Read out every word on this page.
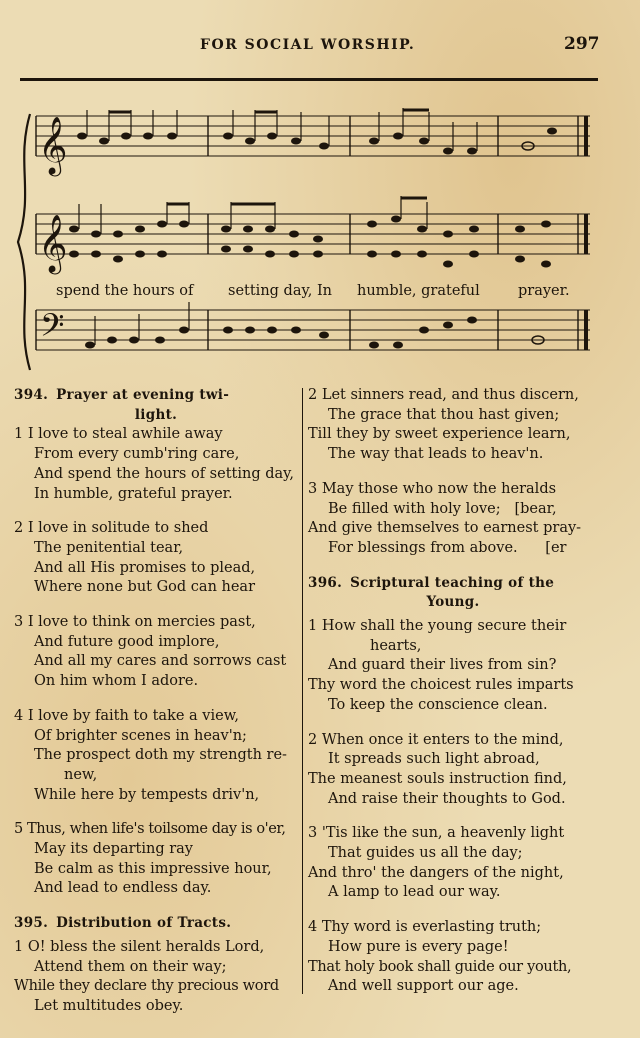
FOR SOCIAL WORSHIP.	297
𝄞
𝄞
𝄢
spend the hours of setting day, In humble, grateful	prayer.

394. Prayer at evening twi-
light.

1 I love to steal awhile away
From every cumb'ring care,
And spend the hours of setting day,
In humble, grateful prayer.
2 I love in solitude to shed
The penitential tear,
And all His promises to plead,
Where none but God can hear
3 I love to think on mercies past,
And future good implore,
And all my cares and sorrows cast
On him whom I adore.
4 I love by faith to take a view,
Of brighter scenes in heav'n;
The prospect doth my strength re-
new,
While here by tempests driv'n,
5 Thus, when life's toilsome day is o'er,
May its departing ray
Be calm as this impressive hour,
And lead to endless day.

395. Distribution of Tracts.

1 O! bless the silent heralds Lord,
Attend them on their way;
While they declare thy precious word
Let multitudes obey.
2 Let sinners read, and thus discern,
The grace that thou hast given;
Till they by sweet experience learn,
The way that leads to heav'n.
3 May those who now the heralds
Be filled with holy love;   [bear,
And give themselves to earnest pray-
For blessings from above.      [er

396. Scriptural teaching of the
Young.

1 How shall the young secure their
hearts,
And guard their lives from sin?
Thy word the choicest rules imparts
To keep the conscience clean.
2 When once it enters to the mind,
It spreads such light abroad,
The meanest souls instruction find,
And raise their thoughts to God.
3 'Tis like the sun, a heavenly light
That guides us all the day;
And thro' the dangers of the night,
A lamp to lead our way.
4 Thy word is everlasting truth;
How pure is every page!
That holy book shall guide our youth,
And well support our age.
